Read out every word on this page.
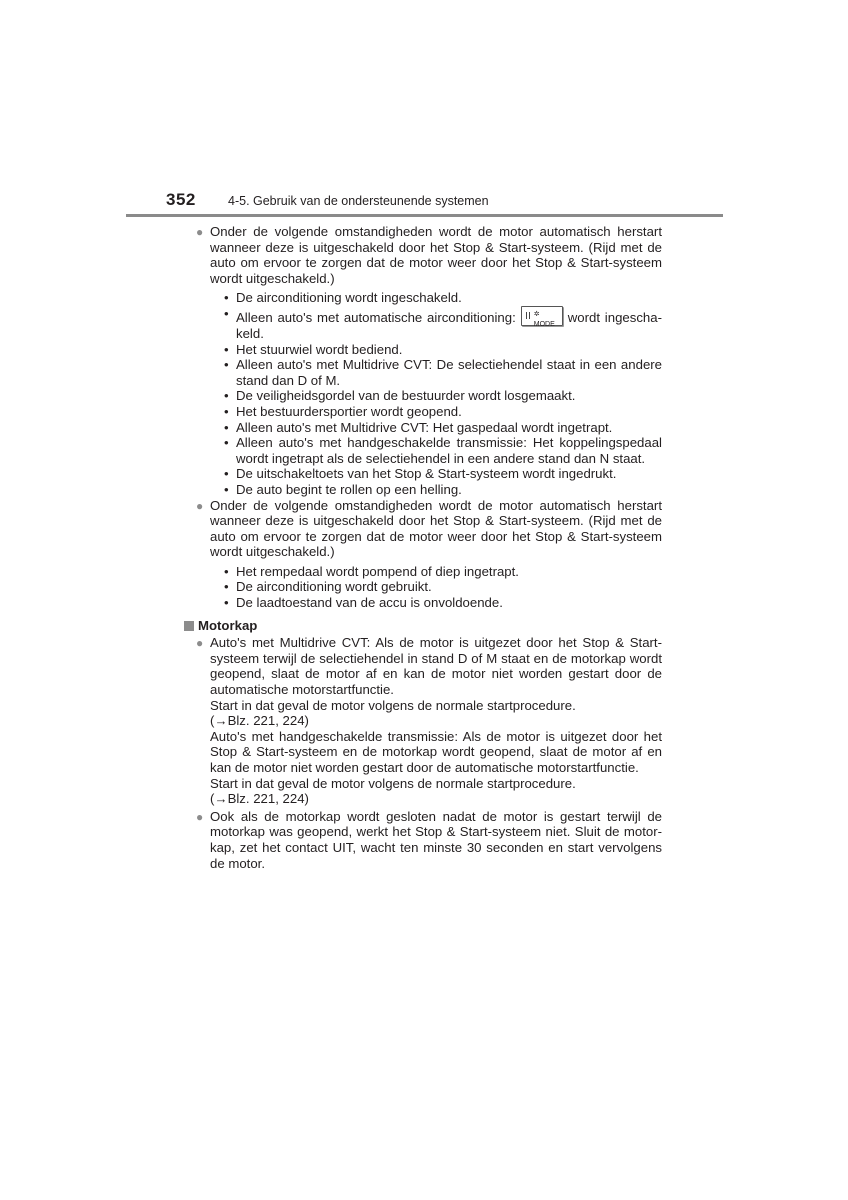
352	4-5. Gebruik van de ondersteunende systemen
● Onder de volgende omstandigheden wordt de motor automatisch herstart wanneer deze is uitgeschakeld door het Stop & Start-systeem. (Rijd met de auto om ervoor te zorgen dat de motor weer door het Stop & Start-systeem wordt uitgeschakeld.)
• De airconditioning wordt ingeschakeld.
• Alleen auto's met automatische airconditioning:	✲ MODE wordt ingeschakeld.
• Het stuurwiel wordt bediend.
• Alleen auto's met Multidrive CVT: De selectiehendel staat in een andere stand dan D of M.
• De veiligheidsgordel van de bestuurder wordt losgemaakt.
• Het bestuurdersportier wordt geopend.
• Alleen auto's met Multidrive CVT: Het gaspedaal wordt ingetrapt.
• Alleen auto's met handgeschakelde transmissie: Het koppelingspedaal wordt ingetrapt als de selectiehendel in een andere stand dan N staat.
• De uitschakeltoets van het Stop & Start-systeem wordt ingedrukt.
• De auto begint te rollen op een helling.
● Onder de volgende omstandigheden wordt de motor automatisch herstart wanneer deze is uitgeschakeld door het Stop & Start-systeem. (Rijd met de auto om ervoor te zorgen dat de motor weer door het Stop & Start-systeem wordt uitgeschakeld.)
• Het rempedaal wordt pompend of diep ingetrapt.
• De airconditioning wordt gebruikt.
• De laadtoestand van de accu is onvoldoende.
Motorkap
● Auto's met Multidrive CVT: Als de motor is uitgezet door het Stop & Start-systeem terwijl de selectiehendel in stand D of M staat en de motorkap wordt geopend, slaat de motor af en kan de motor niet worden gestart door de automatische motorstartfunctie.
Start in dat geval de motor volgens de normale startprocedure.
(→Blz. 221, 224)
Auto's met handgeschakelde transmissie: Als de motor is uitgezet door het Stop & Start-systeem en de motorkap wordt geopend, slaat de motor af en kan de motor niet worden gestart door de automatische motorstartfunctie.
Start in dat geval de motor volgens de normale startprocedure.
(→Blz. 221, 224)
● Ook als de motorkap wordt gesloten nadat de motor is gestart terwijl de motorkap was geopend, werkt het Stop & Start-systeem niet. Sluit de motorkap, zet het contact UIT, wacht ten minste 30 seconden en start vervolgens de motor.
